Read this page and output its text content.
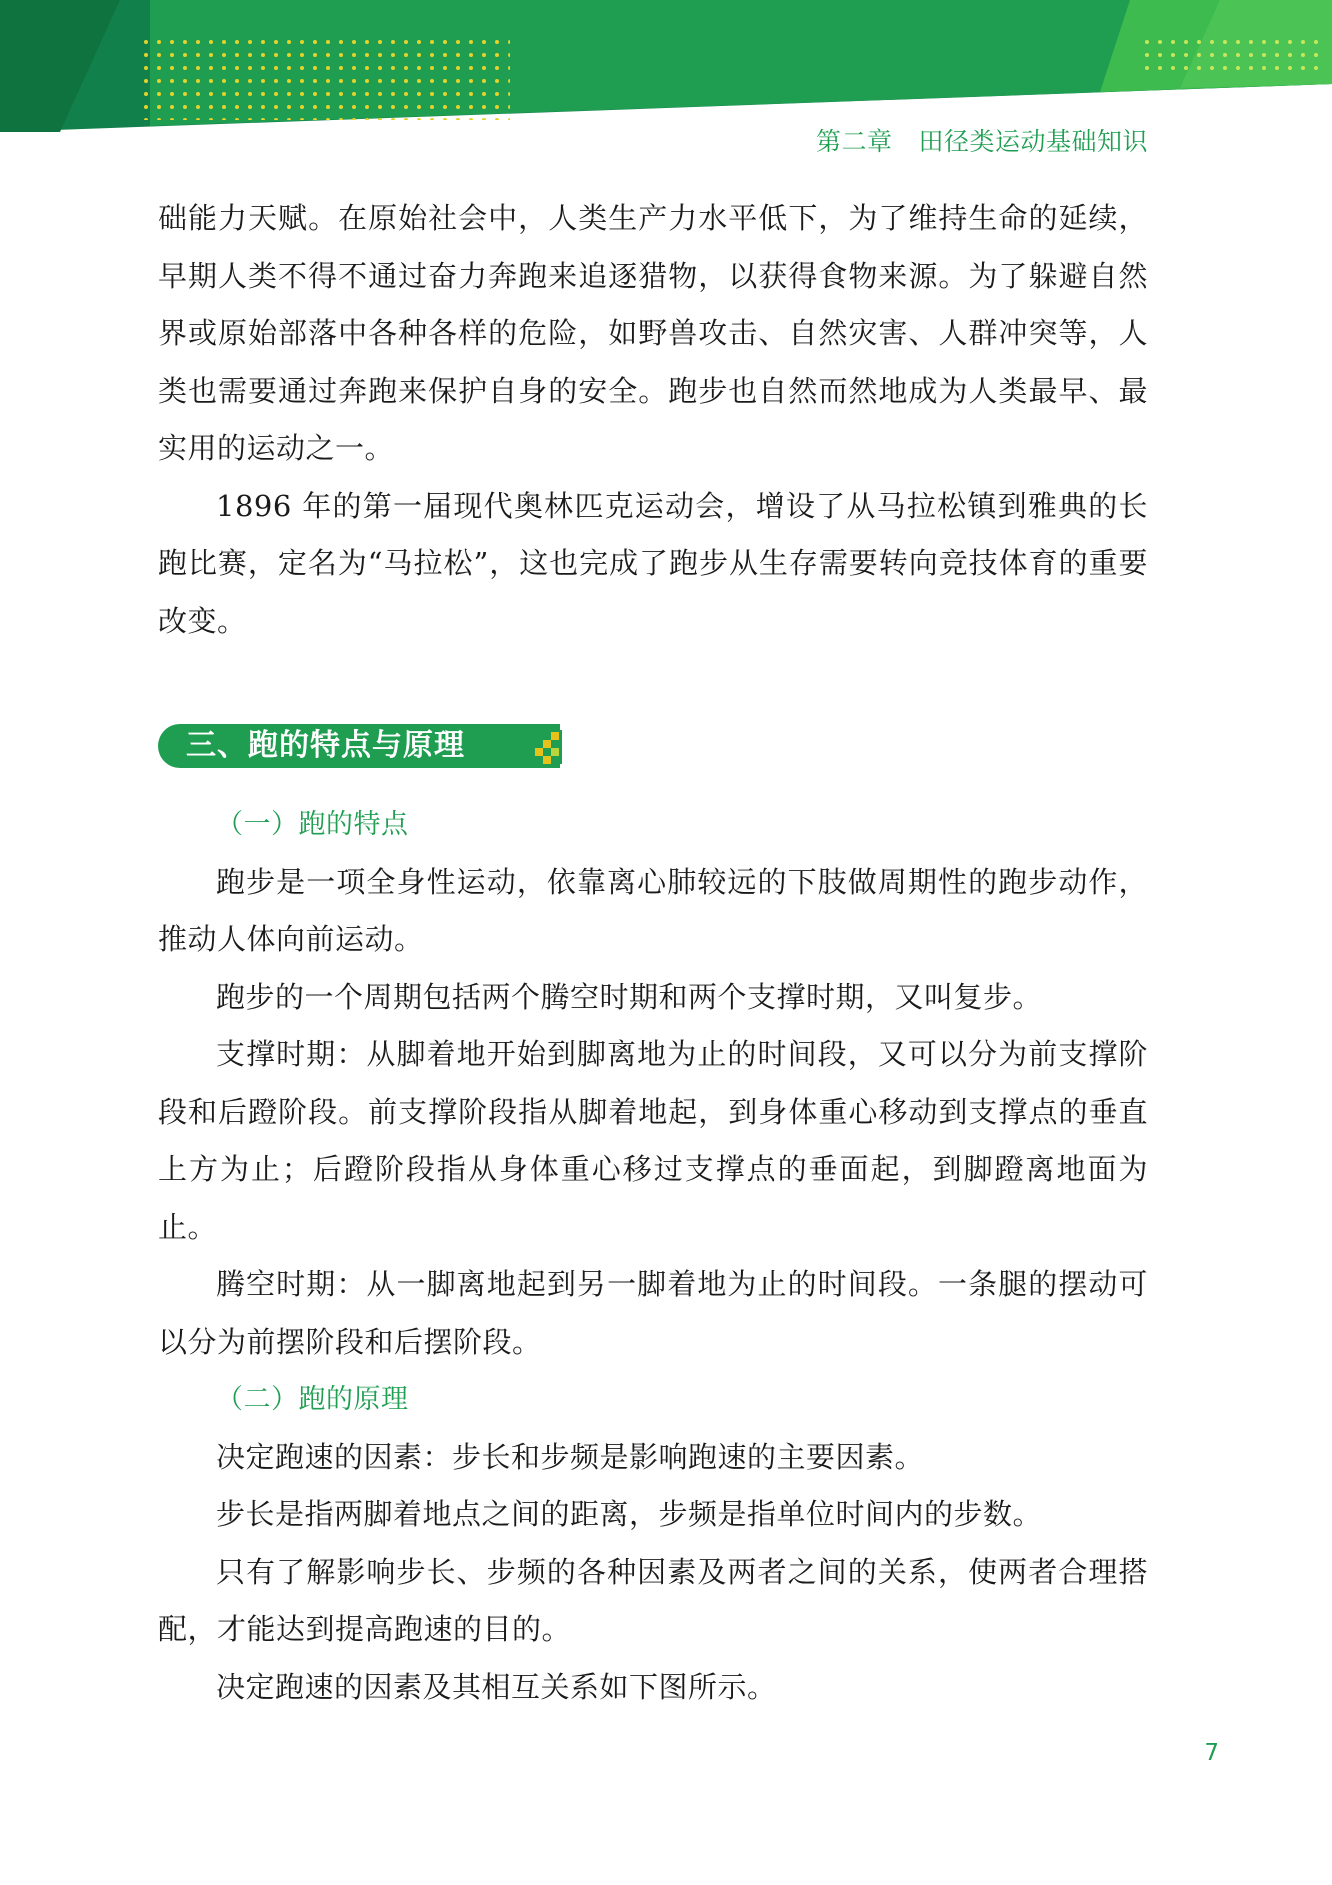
第二章 田径类运动基础知识

础能力天赋。在原始社会中，人类生产力水平低下，为了维持生命的延续，早期人类不得不通过奋力奔跑来追逐猎物，以获得食物来源。为了躲避自然界或原始部落中各种各样的危险，如野兽攻击、自然灾害、人群冲突等，人类也需要通过奔跑来保护自身的安全。跑步也自然而然地成为人类最早、最实用的运动之一。

1896 年的第一届现代奥林匹克运动会，增设了从马拉松镇到雅典的长跑比赛，定名为“马拉松”，这也完成了跑步从生存需要转向竞技体育的重要改变。

三、跑的特点与原理

（一）跑的特点

跑步是一项全身性运动，依靠离心肺较远的下肢做周期性的跑步动作，推动人体向前运动。

跑步的一个周期包括两个腾空时期和两个支撑时期，又叫复步。

支撑时期：从脚着地开始到脚离地为止的时间段，又可以分为前支撑阶段和后蹬阶段。前支撑阶段指从脚着地起，到身体重心移动到支撑点的垂直上方为止；后蹬阶段指从身体重心移过支撑点的垂面起，到脚蹬离地面为止。

腾空时期：从一脚离地起到另一脚着地为止的时间段。一条腿的摆动可以分为前摆阶段和后摆阶段。

（二）跑的原理

决定跑速的因素：步长和步频是影响跑速的主要因素。

步长是指两脚着地点之间的距离，步频是指单位时间内的步数。

只有了解影响步长、步频的各种因素及两者之间的关系，使两者合理搭配，才能达到提高跑速的目的。

决定跑速的因素及其相互关系如下图所示。

7
